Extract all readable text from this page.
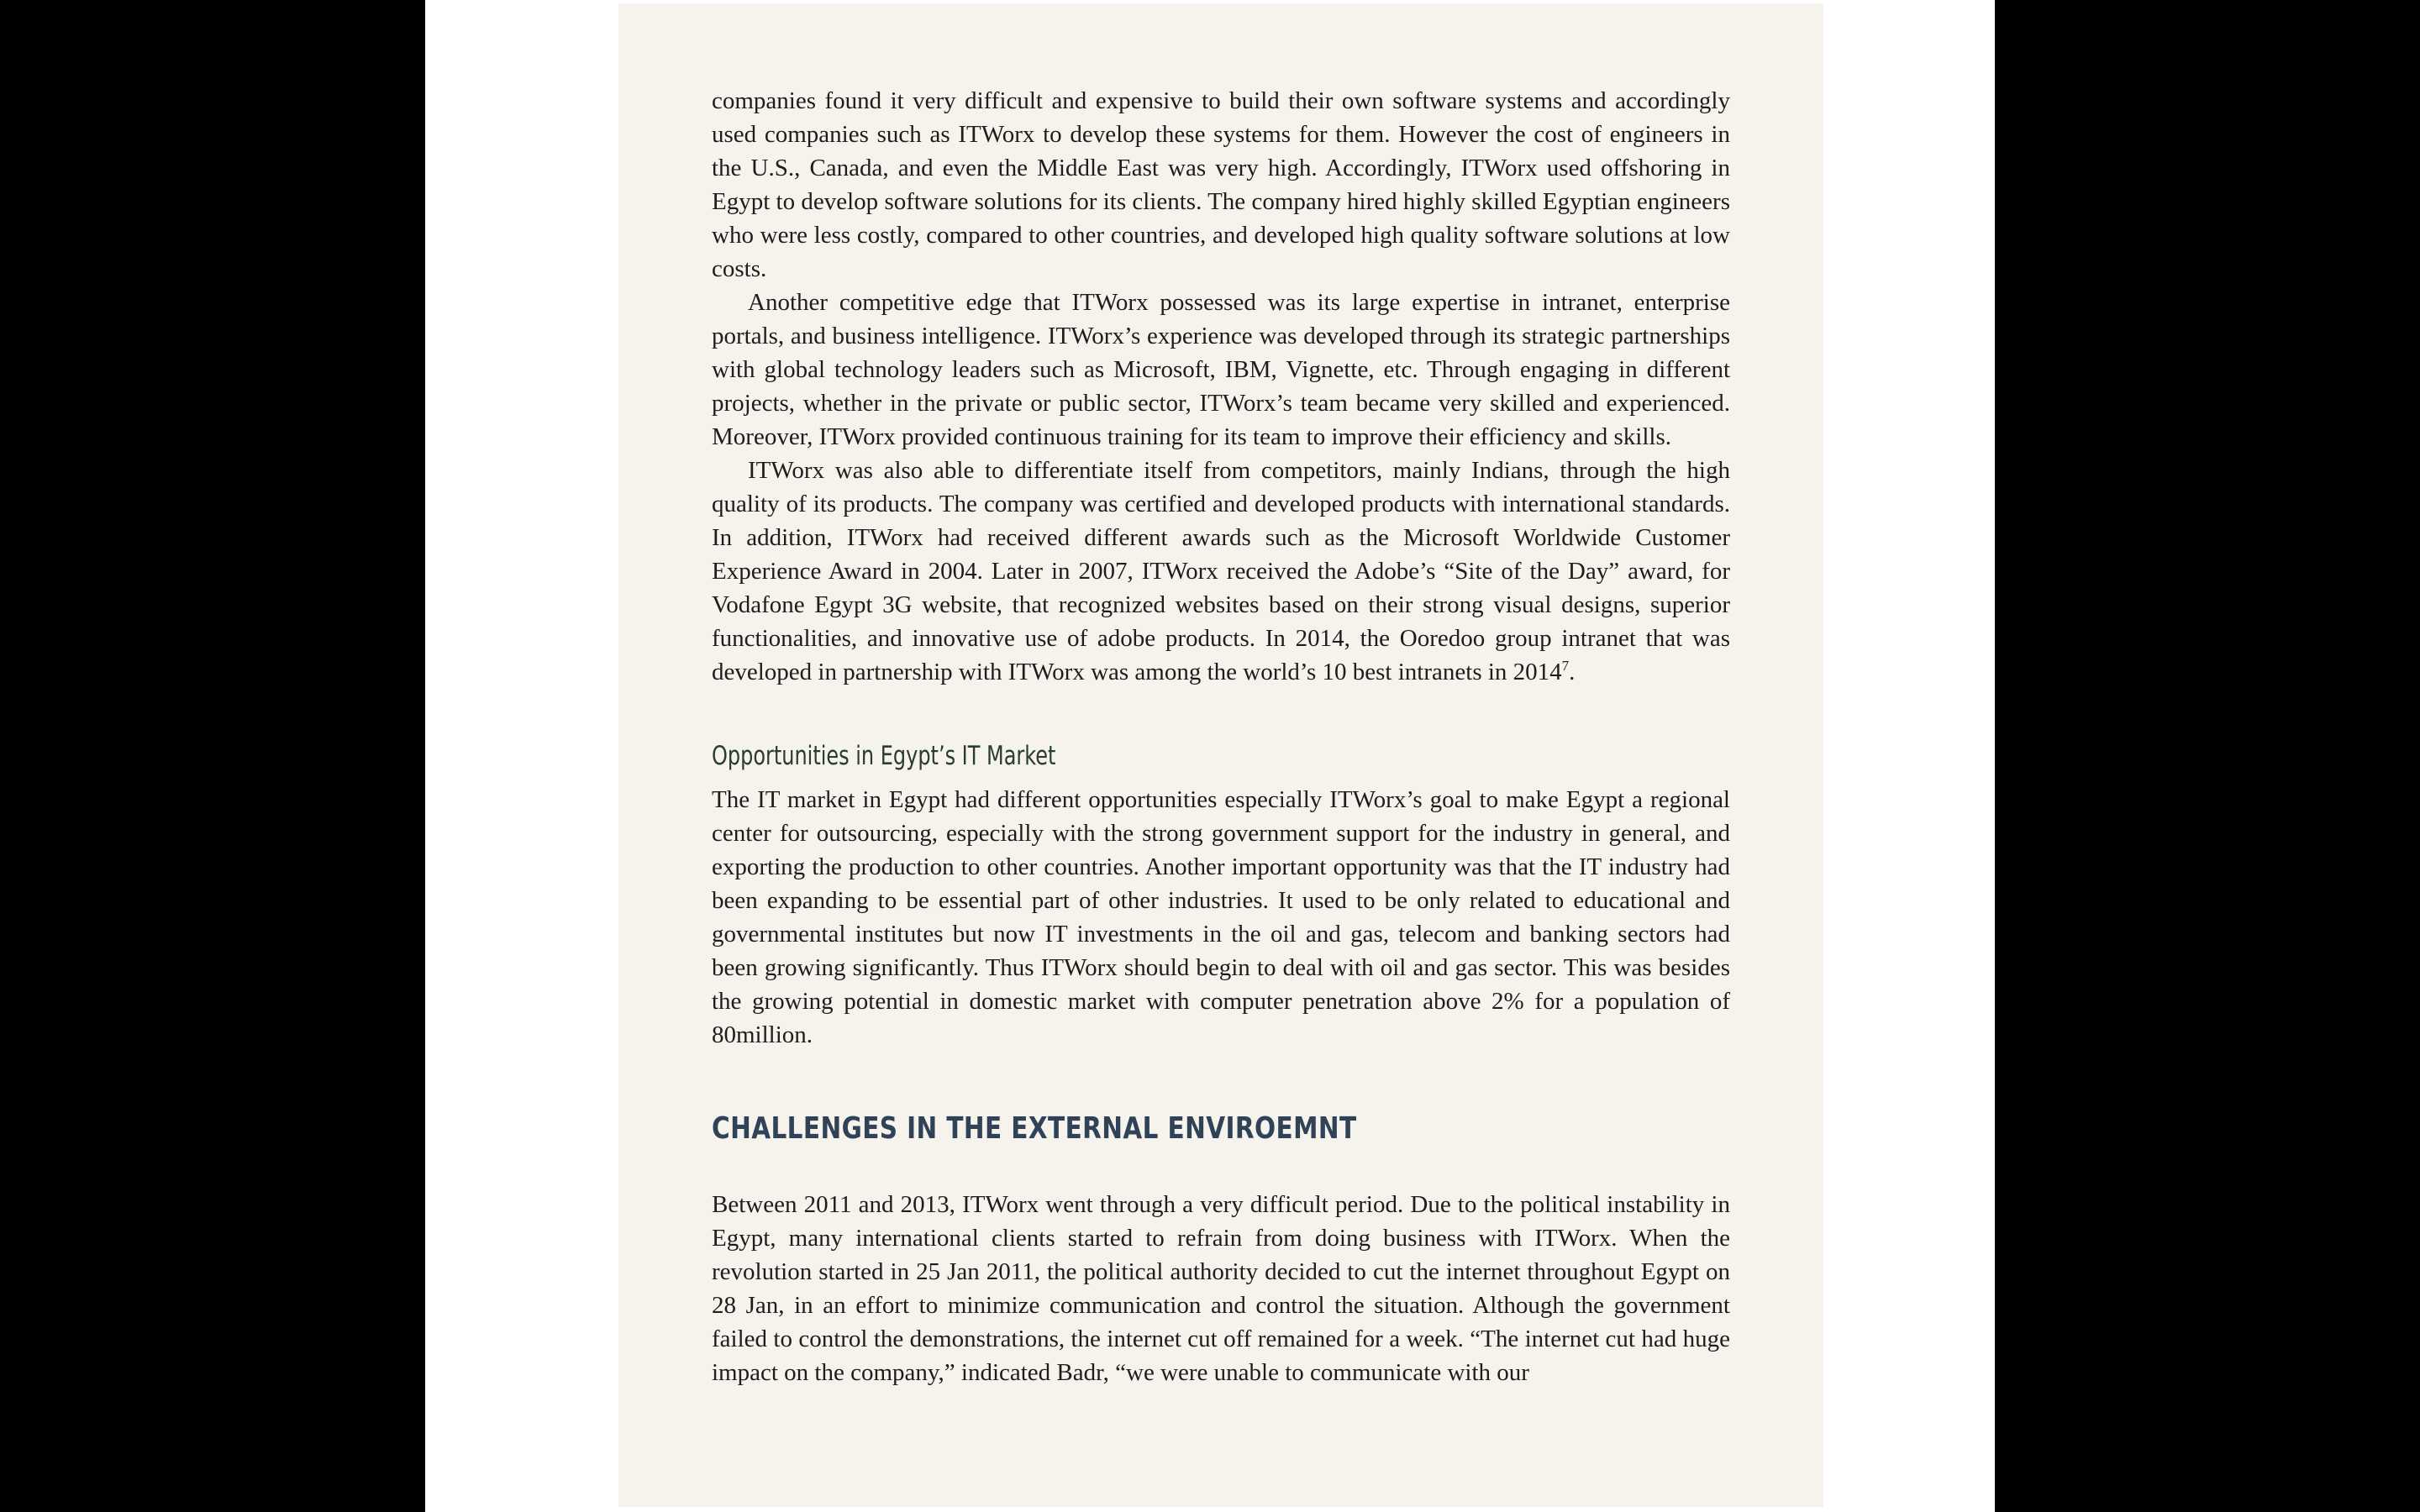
companies found it very difficult and expensive to build their own software systems and accordingly used companies such as ITWorx to develop these systems for them. However the cost of engineers in the U.S., Canada, and even the Middle East was very high. Accordingly, ITWorx used offshoring in Egypt to develop software solutions for its clients. The company hired highly skilled Egyptian engineers who were less costly, compared to other countries, and developed high quality software solutions at low costs.

Another competitive edge that ITWorx possessed was its large expertise in intranet, enterprise portals, and business intelligence. ITWorx’s experience was developed through its strategic partnerships with global technology leaders such as Microsoft, IBM, Vignette, etc. Through engaging in different projects, whether in the private or public sector, ITWorx’s team became very skilled and experienced. Moreover, ITWorx provided continuous training for its team to improve their efficiency and skills.

ITWorx was also able to differentiate itself from competitors, mainly Indians, through the high quality of its products. The company was certified and developed products with international standards. In addition, ITWorx had received different awards such as the Microsoft Worldwide Customer Experience Award in 2004. Later in 2007, ITWorx received the Adobe’s “Site of the Day” award, for Vodafone Egypt 3G website, that recognized websites based on their strong visual designs, superior functionalities, and innovative use of adobe products. In 2014, the Ooredoo group intranet that was developed in partnership with ITWorx was among the world’s 10 best intranets in 2014$^7$.

Opportunities in Egypt’s IT Market

The IT market in Egypt had different opportunities especially ITWorx’s goal to make Egypt a regional center for outsourcing, especially with the strong government support for the industry in general, and exporting the production to other countries. Another important opportunity was that the IT industry had been expanding to be essential part of other industries. It used to be only related to educational and governmental institutes but now IT investments in the oil and gas, telecom and banking sectors had been growing significantly. Thus ITWorx should begin to deal with oil and gas sector. This was besides the growing potential in domestic market with computer penetration above 2% for a population of 80million.

CHALLENGES IN THE EXTERNAL ENVIROEMNT

Between 2011 and 2013, ITWorx went through a very difficult period. Due to the political instability in Egypt, many international clients started to refrain from doing business with ITWorx. When the revolution started in 25 Jan 2011, the political authority decided to cut the internet throughout Egypt on 28 Jan, in an effort to minimize communication and control the situation. Although the government failed to control the demonstrations, the internet cut off remained for a week. “The internet cut had huge impact on the company,” indicated Badr, “we were unable to communicate with our
